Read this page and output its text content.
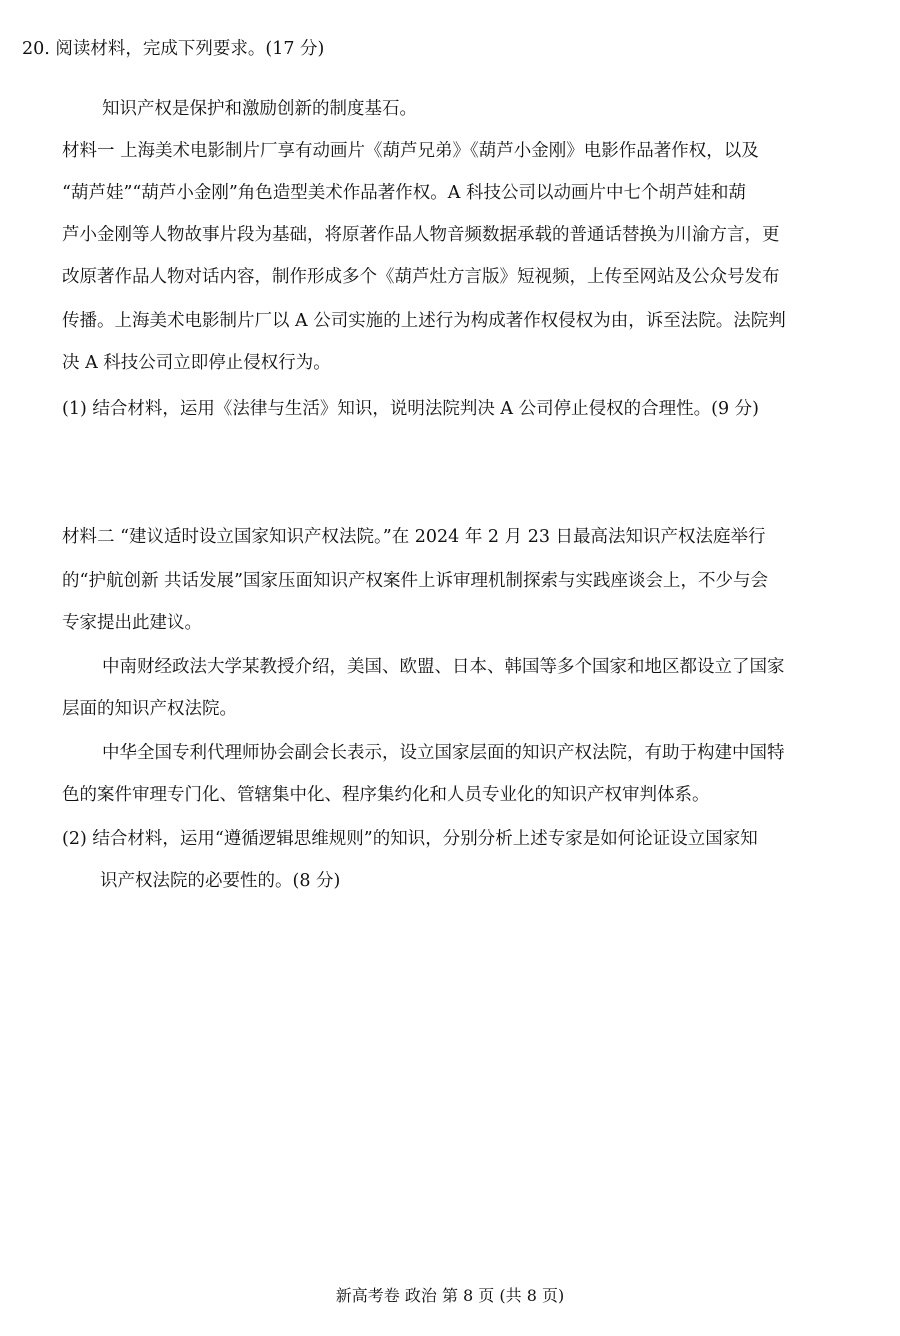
20. 阅读材料，完成下列要求。(17 分)
知识产权是保护和激励创新的制度基石。
材料一 上海美术电影制片厂享有动画片《葫芦兄弟》《葫芦小金刚》电影作品著作权，以及
“葫芦娃”“葫芦小金刚”角色造型美术作品著作权。A 科技公司以动画片中七个胡芦娃和葫
芦小金刚等人物故事片段为基础，将原著作品人物音频数据承载的普通话替换为川渝方言，更
改原著作品人物对话内容，制作形成多个《葫芦灶方言版》短视频，上传至网站及公众号发布
传播。上海美术电影制片厂以 A 公司实施的上述行为构成著作权侵权为由，诉至法院。法院判
决 A 科技公司立即停止侵权行为。
(1) 结合材料，运用《法律与生活》知识，说明法院判决 A 公司停止侵权的合理性。(9 分)
材料二 “建议适时设立国家知识产权法院。”在 2024 年 2 月 23 日最高法知识产权法庭举行
的“护航创新 共话发展”国家压面知识产权案件上诉审理机制探索与实践座谈会上，不少与会
专家提出此建议。
中南财经政法大学某教授介绍，美国、欧盟、日本、韩国等多个国家和地区都设立了国家
层面的知识产权法院。
中华全国专利代理师协会副会长表示，设立国家层面的知识产权法院，有助于构建中国特
色的案件审理专门化、管辖集中化、程序集约化和人员专业化的知识产权审判体系。
(2) 结合材料，运用“遵循逻辑思维规则”的知识，分别分析上述专家是如何论证设立国家知
识产权法院的必要性的。(8 分)
新高考卷 政治 第 8 页 (共 8 页)
